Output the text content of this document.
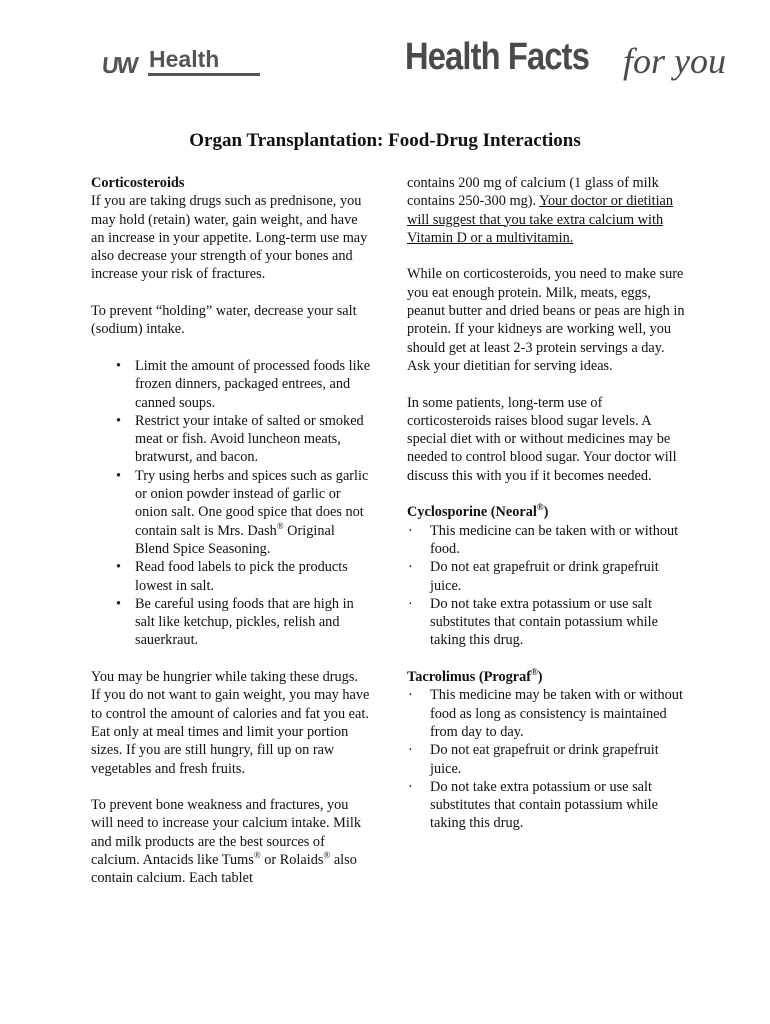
UW Health	Health Facts for you
Organ Transplantation: Food-Drug Interactions

Corticosteroids
If you are taking drugs such as prednisone, you may hold (retain) water, gain weight, and have an increase in your appetite. Long-term use may also decrease your strength of your bones and increase your risk of fractures.

To prevent “holding” water, decrease your salt (sodium) intake.

• Limit the amount of processed foods like frozen dinners, packaged entrees, and canned soups.
• Restrict your intake of salted or smoked meat or fish. Avoid luncheon meats, bratwurst, and bacon.
• Try using herbs and spices such as garlic or onion powder instead of garlic or onion salt. One good spice that does not contain salt is Mrs. Dash® Original Blend Spice Seasoning.
• Read food labels to pick the products lowest in salt.
• Be careful using foods that are high in salt like ketchup, pickles, relish and sauerkraut.

You may be hungrier while taking these drugs. If you do not want to gain weight, you may have to control the amount of calories and fat you eat. Eat only at meal times and limit your portion sizes. If you are still hungry, fill up on raw vegetables and fresh fruits.

To prevent bone weakness and fractures, you will need to increase your calcium intake. Milk and milk products are the best sources of calcium. Antacids like Tums® or Rolaids® also contain calcium. Each tablet

contains 200 mg of calcium (1 glass of milk contains 250-300 mg). Your doctor or dietitian will suggest that you take extra calcium with Vitamin D or a multivitamin.

While on corticosteroids, you need to make sure you eat enough protein. Milk, meats, eggs, peanut butter and dried beans or peas are high in protein. If your kidneys are working well, you should get at least 2-3 protein servings a day. Ask your dietitian for serving ideas.

In some patients, long-term use of corticosteroids raises blood sugar levels. A special diet with or without medicines may be needed to control blood sugar. Your doctor will discuss this with you if it becomes needed.

Cyclosporine (Neoral®)
· This medicine can be taken with or without food.
· Do not eat grapefruit or drink grapefruit juice.
· Do not take extra potassium or use salt substitutes that contain potassium while taking this drug.
Tacrolimus (Prograf®)
· This medicine may be taken with or without food as long as consistency is maintained from day to day.
· Do not eat grapefruit or drink grapefruit juice.
· Do not take extra potassium or use salt substitutes that contain potassium while taking this drug.
